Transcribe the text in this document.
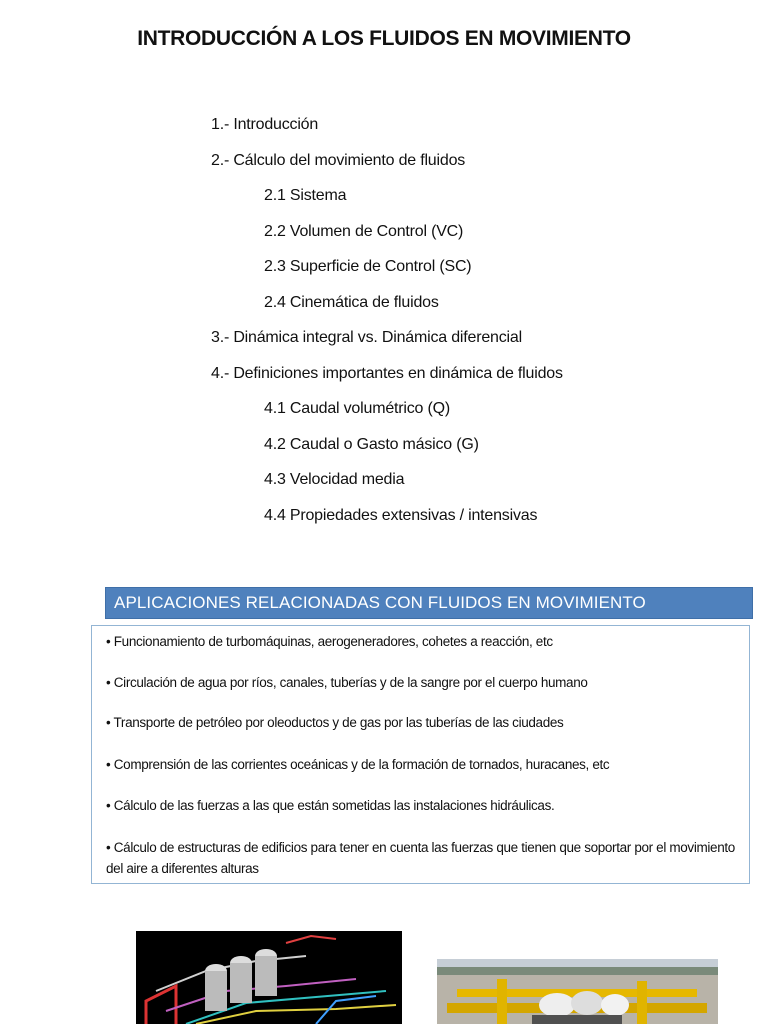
INTRODUCCIÓN A LOS FLUIDOS EN MOVIMIENTO
1.- Introducción
2.- Cálculo del movimiento de fluidos
2.1 Sistema
2.2 Volumen de Control (VC)
2.3 Superficie de Control (SC)
2.4 Cinemática de fluidos
3.- Dinámica integral vs. Dinámica diferencial
4.- Definiciones importantes en dinámica de fluidos
4.1 Caudal volumétrico (Q)
4.2 Caudal o Gasto másico (G)
4.3 Velocidad media
4.4 Propiedades extensivas / intensivas
APLICACIONES RELACIONADAS CON FLUIDOS EN MOVIMIENTO
• Funcionamiento de turbomáquinas, aerogeneradores, cohetes a reacción, etc
• Circulación de agua por ríos, canales, tuberías y de la sangre por el cuerpo humano
• Transporte de petróleo por oleoductos y de gas por las tuberías de las ciudades
• Comprensión de las corrientes oceánicas y de la formación de tornados, huracanes, etc
• Cálculo de las fuerzas a las que están sometidas las instalaciones hidráulicas.
• Cálculo de estructuras de edificios para tener en cuenta las fuerzas que tienen que soportar por el movimiento del aire a diferentes alturas
